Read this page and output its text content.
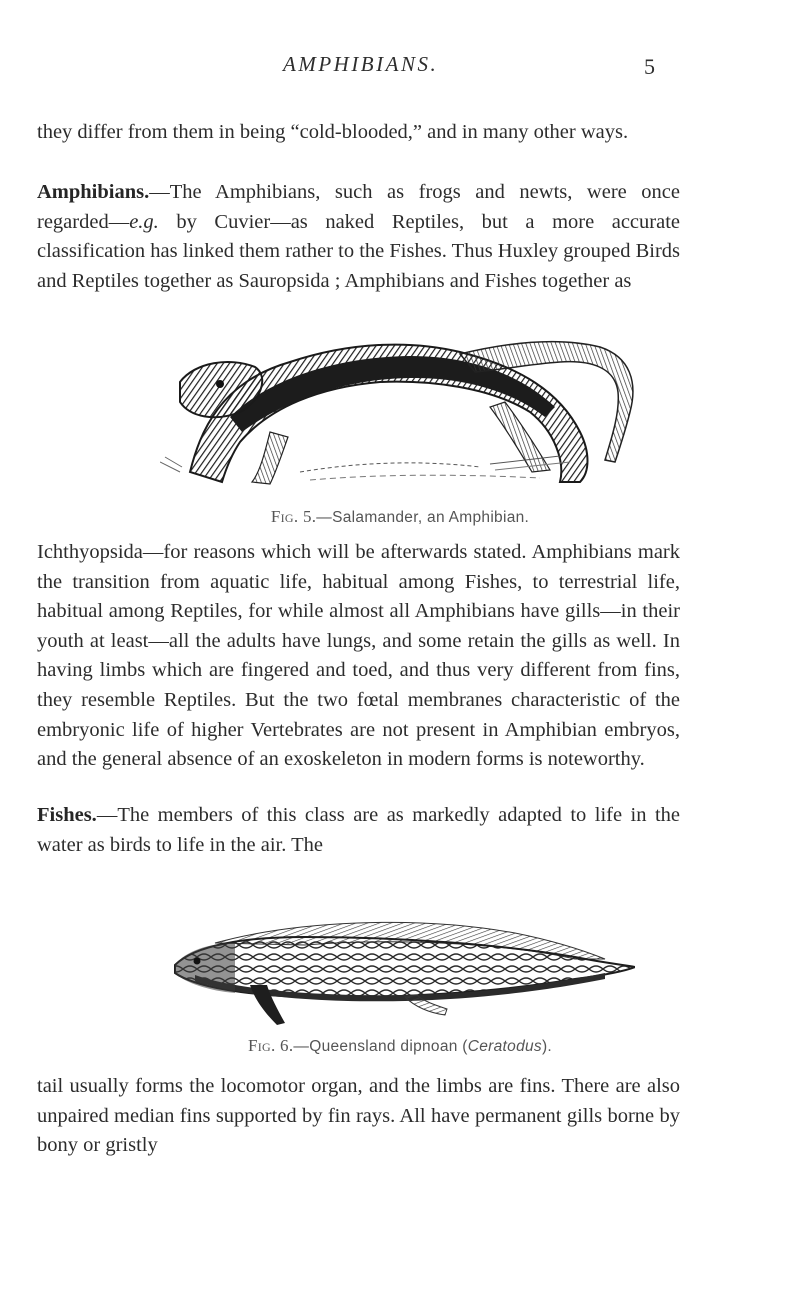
AMPHIBIANS.	5

they differ from them in being “cold-blooded,” and in many other ways.

Amphibians.—The Amphibians, such as frogs and newts, were once regarded—e.g. by Cuvier—as naked Reptiles, but a more accurate classification has linked them rather to the Fishes. Thus Huxley grouped Birds and Reptiles together as Sauropsida ; Amphibians and Fishes together as

Fig. 5.—Salamander, an Amphibian.

Ichthyopsida—for reasons which will be afterwards stated. Amphibians mark the transition from aquatic life, habitual among Fishes, to terrestrial life, habitual among Reptiles, for while almost all Amphibians have gills—in their youth at least—all the adults have lungs, and some retain the gills as well. In having limbs which are fingered and toed, and thus very different from fins, they resemble Reptiles. But the two fœtal membranes characteristic of the embryonic life of higher Vertebrates are not present in Amphibian embryos, and the general absence of an exoskeleton in modern forms is noteworthy.

Fishes.—The members of this class are as markedly adapted to life in the water as birds to life in the air. The

Fig. 6.—Queensland dipnoan (Ceratodus).

tail usually forms the locomotor organ, and the limbs are fins. There are also unpaired median fins supported by fin rays. All have permanent gills borne by bony or gristly
